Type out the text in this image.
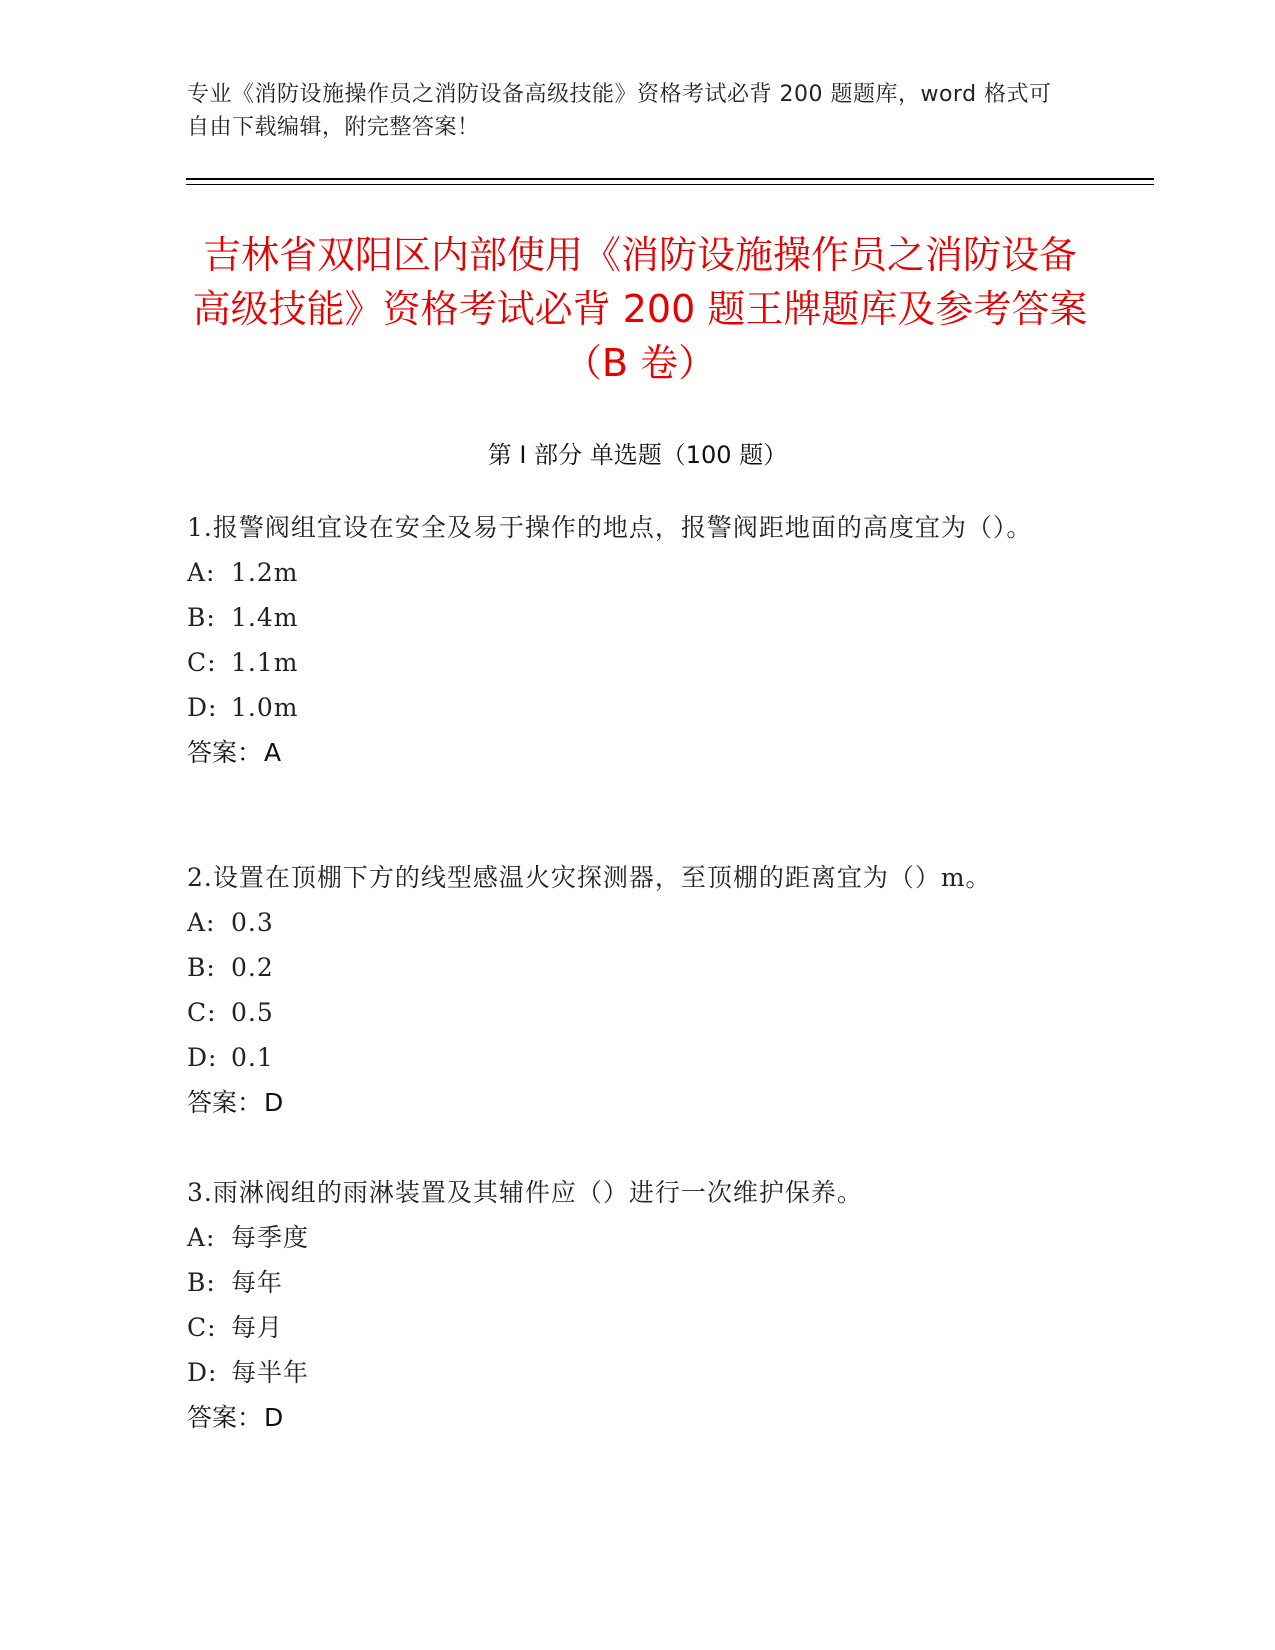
专业《消防设施操作员之消防设备高级技能》资格考试必背 200 题题库，word 格式可自由下载编辑，附完整答案！
吉林省双阳区内部使用《消防设施操作员之消防设备高级技能》资格考试必背 200 题王牌题库及参考答案（B 卷）
第 I 部分 单选题（100 题）
1.报警阀组宜设在安全及易于操作的地点，报警阀距地面的高度宜为（）。
A: 1.2m
B: 1.4m
C: 1.1m
D: 1.0m
答案：A
2.设置在顶棚下方的线型感温火灾探测器，至顶棚的距离宜为（）m。
A: 0.3
B: 0.2
C: 0.5
D: 0.1
答案：D
3.雨淋阀组的雨淋装置及其辅件应（）进行一次维护保养。
A: 每季度
B: 每年
C: 每月
D: 每半年
答案：D
